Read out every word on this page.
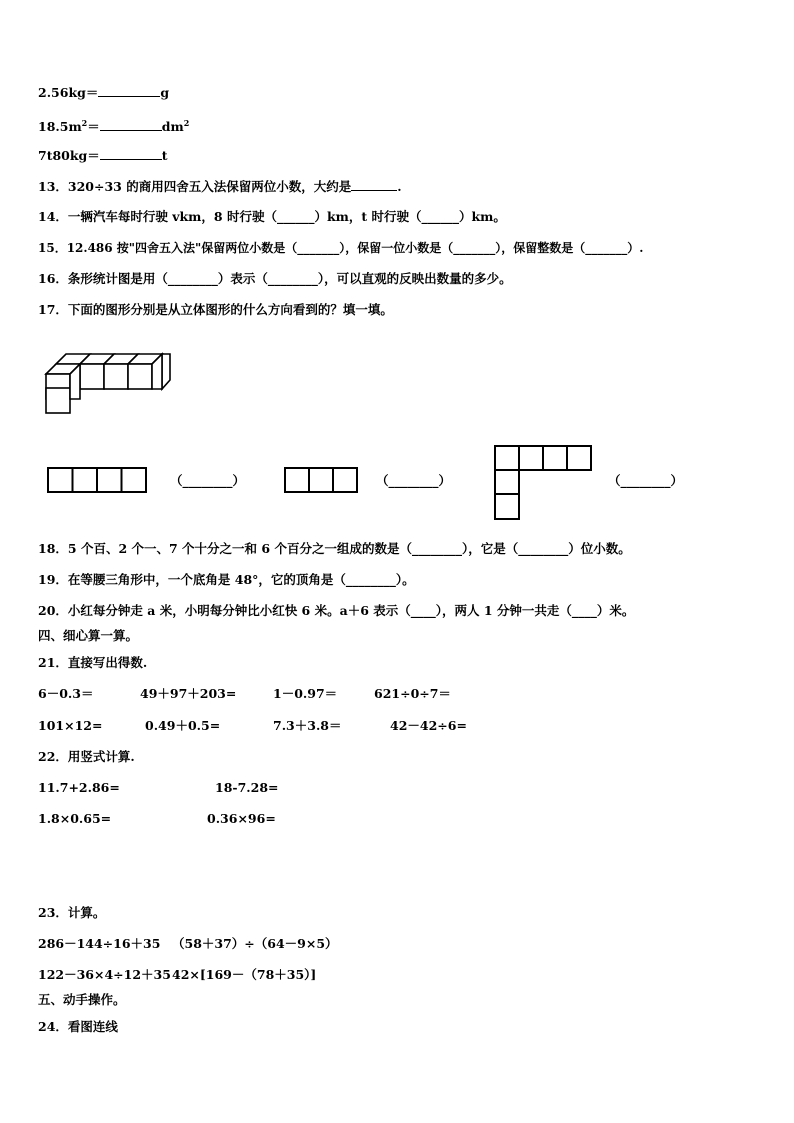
2.56kg＝	g
$18.5m^2=$	$dm^2$
7t80kg＝	t
13．320÷33 的商用四舍五入法保留两位小数，大约是	.
14．一辆汽车每时行驶 vkm，8 时行驶（______）km，t 时行驶（______）km。
15．12.486 按"四舍五入法"保留两位小数是（_______），保留一位小数是（_______），保留整数是（_______）.
16．条形统计图是用（________）表示（________），可以直观的反映出数量的多少。
17．下面的图形分别是从立体图形的什么方向看到的？填一填。
（________）	（________）	（________）
18．5 个百、2 个一、7 个十分之一和 6 个百分之一组成的数是（________），它是（________）位小数。
19．在等腰三角形中，一个底角是 48°，它的顶角是（________）。
20．小红每分钟走 a 米，小明每分钟比小红快 6 米。a＋6 表示（____），两人 1 分钟一共走（____）米。
四、细心算一算。
21．直接写出得数.
6－0.3＝	49＋97＋203=	1－0.97＝	621÷0÷7＝
101×12=	0.49＋0.5=	7.3＋3.8＝	42－42÷6=
22．用竖式计算.
11.7+2.86=	18-7.28=
1.8×0.65=	0.36×96=
23．计算。
286－144÷16＋35 （58＋37）÷（64－9×5）
122－36×4÷12＋35 42×[169－（78＋35）]
五、动手操作。
24．看图连线
